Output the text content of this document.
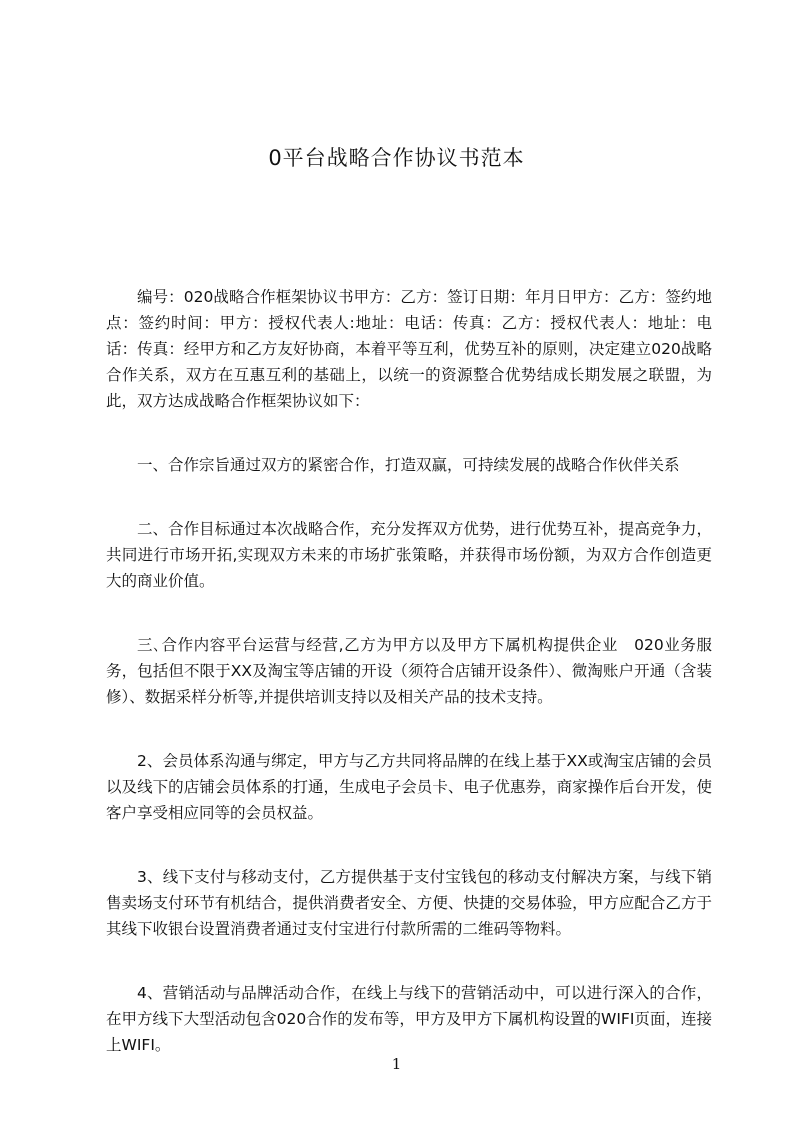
0平台战略合作协议书范本

编号：020战略合作框架协议书甲方：乙方：签订日期：年月日甲方：乙方：签约地点：签约时间：甲方：授权代表人:地址：电话：传真：乙方：授权代表人：地址：电话：传真：经甲方和乙方友好协商，本着平等互利，优势互补的原则，决定建立020战略合作关系，双方在互惠互利的基础上，以统一的资源整合优势结成长期发展之联盟，为此，双方达成战略合作框架协议如下：

一、合作宗旨通过双方的紧密合作，打造双赢，可持续发展的战略合作伙伴关系

二、合作目标通过本次战略合作，充分发挥双方优势，进行优势互补，提高竞争力，共同进行市场开拓,实现双方未来的市场扩张策略，并获得市场份额，为双方合作创造更大的商业价值。

三､合作内容平台运营与经营,乙方为甲方以及甲方下属机构提供企业　020业务服务，包括但不限于XX及淘宝等店铺的开设（须符合店铺开设条件）、微淘账户开通（含装修）、数据采样分析等,并提供培训支持以及相关产品的技术支持。

2、会员体系沟通与绑定，甲方与乙方共同将品牌的在线上基于XX或淘宝店铺的会员以及线下的店铺会员体系的打通，生成电子会员卡、电子优惠券，商家操作后台开发，使客户享受相应同等的会员权益。

3、线下支付与移动支付，乙方提供基于支付宝钱包的移动支付解决方案，与线下销售卖场支付环节有机结合，提供消费者安全、方便、快捷的交易体验，甲方应配合乙方于其线下收银台设置消费者通过支付宝进行付款所需的二维码等物料。

4、营销活动与品牌活动合作，在线上与线下的营销活动中，可以进行深入的合作，在甲方线下大型活动包含020合作的发布等，甲方及甲方下属机构设置的WIFI页面，连接上WIFI。

1
